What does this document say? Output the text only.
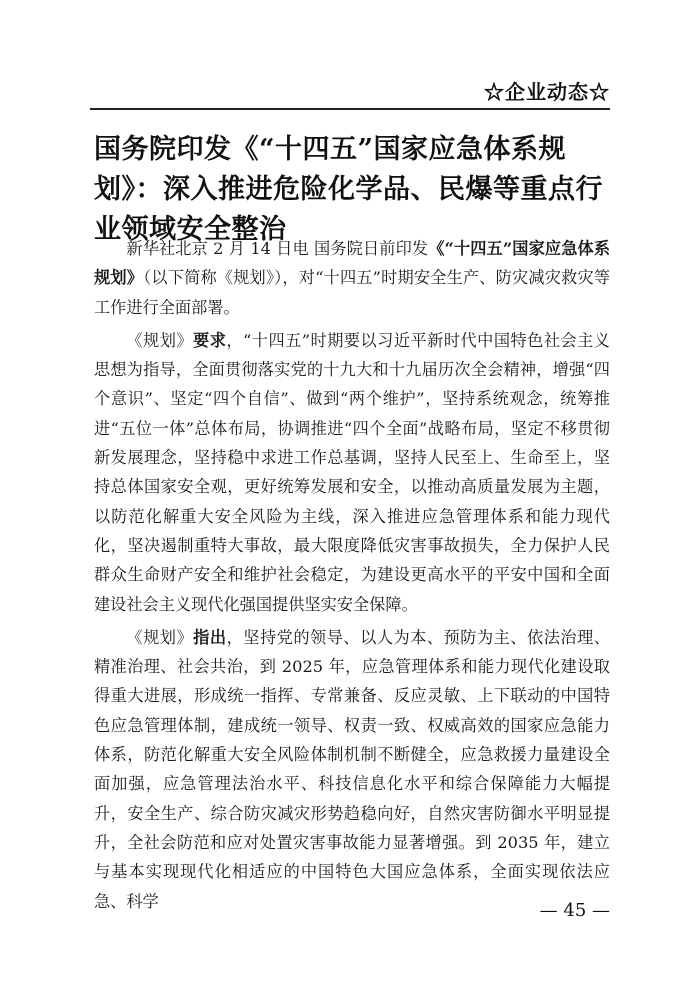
☆企业动态☆
国务院印发《“十四五”国家应急体系规划》：深入推进危险化学品、民爆等重点行业领域安全整治

新华社北京 2 月 14 日电 国务院日前印发《“十四五”国家应急体系规划》（以下简称《规划》），对“十四五”时期安全生产、防灾减灾救灾等工作进行全面部署。

《规划》要求，“十四五”时期要以习近平新时代中国特色社会主义思想为指导，全面贯彻落实党的十九大和十九届历次全会精神，增强“四个意识”、坚定“四个自信”、做到“两个维护”，坚持系统观念，统筹推进“五位一体”总体布局，协调推进“四个全面”战略布局，坚定不移贯彻新发展理念，坚持稳中求进工作总基调，坚持人民至上、生命至上，坚持总体国家安全观，更好统筹发展和安全，以推动高质量发展为主题，以防范化解重大安全风险为主线，深入推进应急管理体系和能力现代化，坚决遏制重特大事故，最大限度降低灾害事故损失，全力保护人民群众生命财产安全和维护社会稳定，为建设更高水平的平安中国和全面建设社会主义现代化强国提供坚实安全保障。

《规划》指出，坚持党的领导、以人为本、预防为主、依法治理、精准治理、社会共治，到 2025 年，应急管理体系和能力现代化建设取得重大进展，形成统一指挥、专常兼备、反应灵敏、上下联动的中国特色应急管理体制，建成统一领导、权责一致、权威高效的国家应急能力体系，防范化解重大安全风险体制机制不断健全，应急救援力量建设全面加强，应急管理法治水平、科技信息化水平和综合保障能力大幅提升，安全生产、综合防灾减灾形势趋稳向好，自然灾害防御水平明显提升，全社会防范和应对处置灾害事故能力显著增强。到 2035 年，建立与基本实现现代化相适应的中国特色大国应急体系，全面实现依法应急、科学	— 45 —
